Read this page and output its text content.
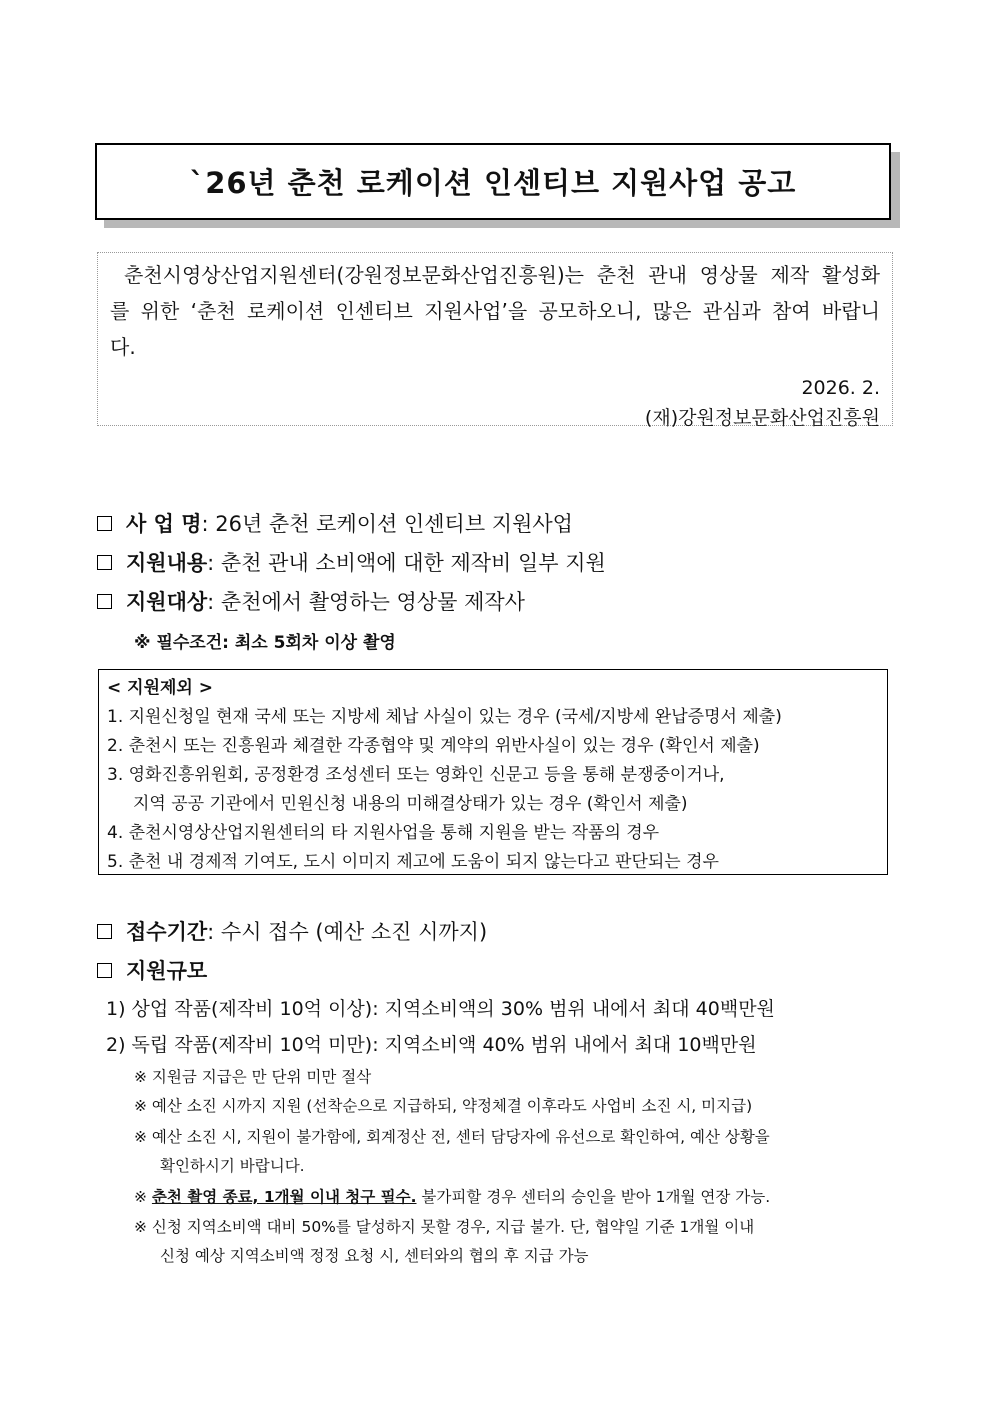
`26년 춘천 로케이션 인센티브 지원사업 공고

춘천시영상산업지원센터(강원정보문화산업진흥원)는 춘천 관내 영상물 제작 활성화를 위한 ‘춘천 로케이션 인센티브 지원사업’을 공모하오니, 많은 관심과 참여 바랍니다.

2026. 2.

(재)강원정보문화산업진흥원

사 업 명 : 26년 춘천 로케이션 인센티브 지원사업
지원내용 : 춘천 관내 소비액에 대한 제작비 일부 지원
지원대상 : 춘천에서 촬영하는 영상물 제작사
※ 필수조건: 최소 5회차 이상 촬영
< 지원제외 >
1. 지원신청일 현재 국세 또는 지방세 체납 사실이 있는 경우 (국세/지방세 완납증명서 제출)
2. 춘천시 또는 진흥원과 체결한 각종협약 및 계약의 위반사실이 있는 경우 (확인서 제출)
3. 영화진흥위원회, 공정환경 조성센터 또는 영화인 신문고 등을 통해 분쟁중이거나,
지역 공공 기관에서 민원신청 내용의 미해결상태가 있는 경우 (확인서 제출)
4. 춘천시영상산업지원센터의 타 지원사업을 통해 지원을 받는 작품의 경우
5. 춘천 내 경제적 기여도, 도시 이미지 제고에 도움이 되지 않는다고 판단되는 경우
접수기간 : 수시 접수 (예산 소진 시까지)
지원규모
1) 상업 작품(제작비 10억 이상): 지역소비액의 30% 범위 내에서 최대 40백만원
2) 독립 작품(제작비 10억 미만): 지역소비액 40% 범위 내에서 최대 10백만원
※ 지원금 지급은 만 단위 미만 절삭
※ 예산 소진 시까지 지원 (선착순으로 지급하되, 약정체결 이후라도 사업비 소진 시, 미지급)
※ 예산 소진 시, 지원이 불가함에, 회계정산 전, 센터 담당자에 유선으로 확인하여, 예산 상황을
확인하시기 바랍니다.
※ 춘천 촬영 종료, 1개월 이내 청구 필수. 불가피할 경우 센터의 승인을 받아 1개월 연장 가능.
※ 신청 지역소비액 대비 50%를 달성하지 못할 경우, 지급 불가. 단, 협약일 기준 1개월 이내
신청 예상 지역소비액 정정 요청 시, 센터와의 협의 후 지급 가능
